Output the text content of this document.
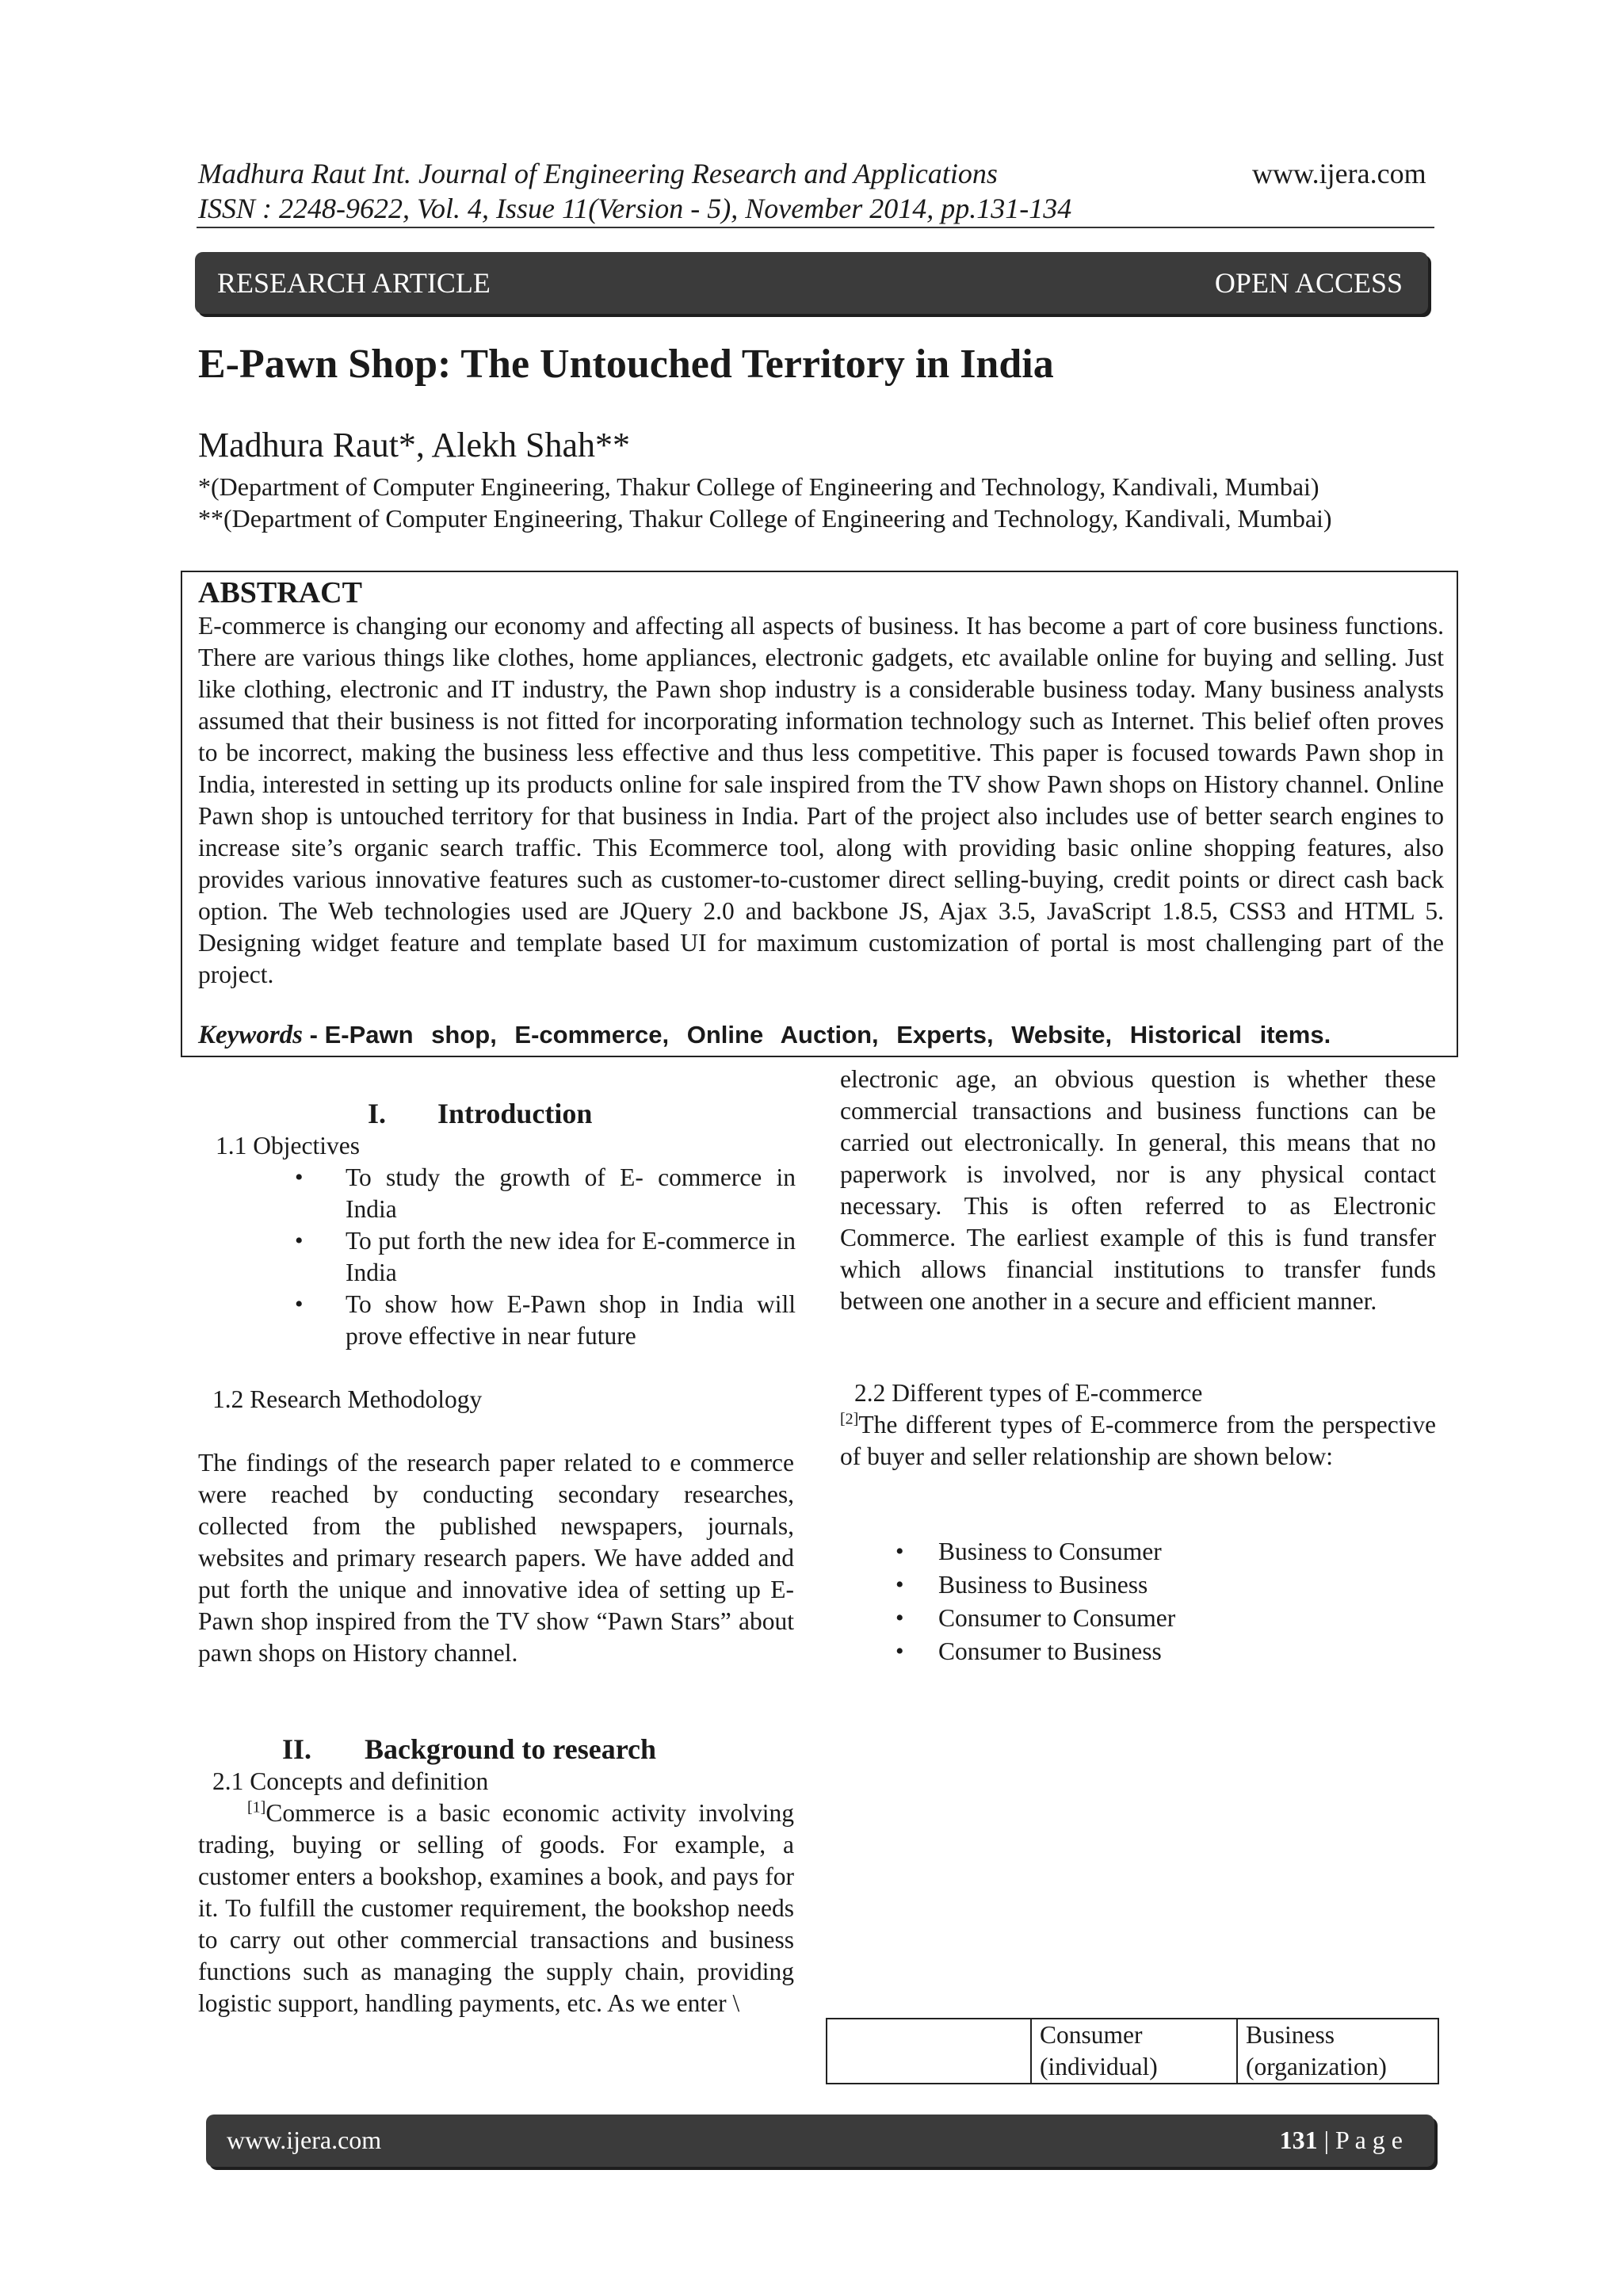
Madhura Raut Int. Journal of Engineering Research and Applications	www.ijera.com
ISSN : 2248-9622, Vol. 4, Issue 11(Version - 5), November 2014, pp.131-134
RESEARCH ARTICLE	OPEN ACCESS
E-Pawn Shop: The Untouched Territory in India
Madhura Raut*, Alekh Shah**
*(Department of Computer Engineering, Thakur College of Engineering and Technology, Kandivali, Mumbai)
**(Department of Computer Engineering, Thakur College of Engineering and Technology, Kandivali, Mumbai)
ABSTRACT
E-commerce is changing our economy and affecting all aspects of business. It has become a part of core business functions. There are various things like clothes, home appliances, electronic gadgets, etc available online for buying and selling. Just like clothing, electronic and IT industry, the Pawn shop industry is a considerable business today. Many business analysts assumed that their business is not fitted for incorporating information technology such as Internet. This belief often proves to be incorrect, making the business less effective and thus less competitive. This paper is focused towards Pawn shop in India, interested in setting up its products online for sale inspired from the TV show Pawn shops on History channel. Online Pawn shop is untouched territory for that business in India. Part of the project also includes use of better search engines to increase site’s organic search traffic. This Ecommerce tool, along with providing basic online shopping features, also provides various innovative features such as customer-to-customer direct selling-buying, credit points or direct cash back option. The Web technologies used are JQuery 2.0 and backbone JS, Ajax 3.5, JavaScript 1.8.5, CSS3 and HTML 5. Designing widget feature and template based UI for maximum customization of portal is most challenging part of the project.
Keywords - E-Pawn shop, E-commerce, Online Auction, Experts, Website, Historical items.
I. Introduction
1.1 Objectives
• To study the growth of E- commerce in India
• To put forth the new idea for E-commerce in India
• To show how E-Pawn shop in India will prove effective in near future
1.2 Research Methodology
The findings of the research paper related to e commerce were reached by conducting secondary researches, collected from the published newspapers, journals, websites and primary research papers. We have added and put forth the unique and innovative idea of setting up E-Pawn shop inspired from the TV show “Pawn Stars” about pawn shops on History channel.
II. Background to research
2.1 Concepts and definition
[1]Commerce is a basic economic activity involving trading, buying or selling of goods. For example, a customer enters a bookshop, examines a book, and pays for it. To fulfill the customer requirement, the bookshop needs to carry out other commercial transactions and business functions such as managing the supply chain, providing logistic support, handling payments, etc. As we enter \
electronic age, an obvious question is whether these commercial transactions and business functions can be carried out electronically. In general, this means that no paperwork is involved, nor is any physical contact necessary. This is often referred to as Electronic Commerce. The earliest example of this is fund transfer which allows financial institutions to transfer funds between one another in a secure and efficient manner.
2.2 Different types of E-commerce
[2]The different types of E-commerce from the perspective of buyer and seller relationship are shown below:
• Business to Consumer
• Business to Business
• Consumer to Consumer
• Consumer to Business
	Consumer
(individual)	Business
(organization)
www.ijera.com	131 | P a g e
